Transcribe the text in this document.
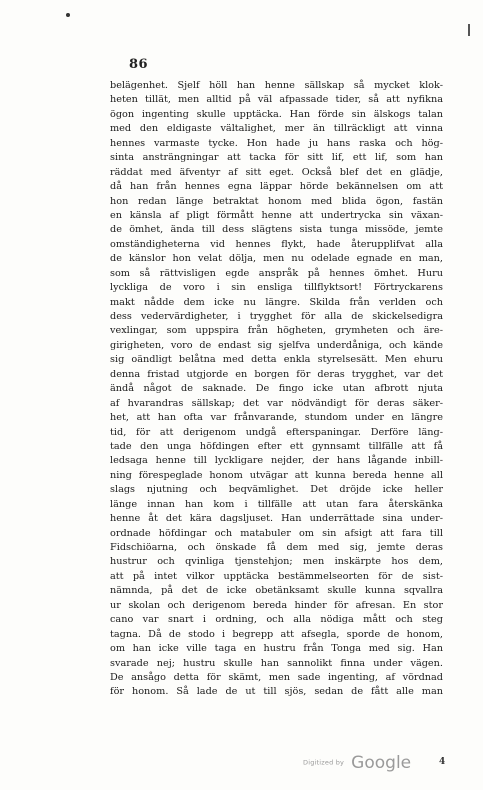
86
belägenhet. Sjelf höll han henne sällskap så mycket klok-
heten tillät, men alltid på väl afpassade tider, så att nyfikna
ögon ingenting skulle upptäcka. Han förde sin älskogs talan
med den eldigaste vältalighet, mer än tillräckligt att vinna
hennes varmaste tycke. Hon hade ju hans raska och hög-
sinta ansträngningar att tacka för sitt lif, ett lif, som han
räddat med äfventyr af sitt eget. Också blef det en glädje,
då han från hennes egna läppar hörde bekännelsen om att
hon redan länge betraktat honom med blida ögon, fastän
en känsla af pligt förmått henne att undertrycka sin växan-
de ömhet, ända till dess slägtens sista tunga missöde, jemte
omständigheterna vid hennes flykt, hade återupplifvat alla
de känslor hon velat dölja, men nu odelade egnade en man,
som så rättvisligen egde anspråk på hennes ömhet. Huru
lyckliga de voro i sin ensliga tillflyktsort! Förtryckarens
makt nådde dem icke nu längre. Skilda från verlden och
dess vedervärdigheter, i trygghet för alla de skickelsedigra
vexlingar, som uppspira från högheten, grymheten och äre-
girigheten, voro de endast sig sjelfva underdåniga, och kände
sig oändligt belåtna med detta enkla styrelsesätt. Men ehuru
denna fristad utgjorde en borgen för deras trygghet, var det
ändå något de saknade. De fingo icke utan afbrott njuta
af hvarandras sällskap; det var nödvändigt för deras säker-
het, att han ofta var frånvarande, stundom under en längre
tid, för att derigenom undgå efterspaningar. Derföre läng-
tade den unga höfdingen efter ett gynnsamt tillfälle att få
ledsaga henne till lyckligare nejder, der hans lågande inbill-
ning förespeglade honom utvägar att kunna bereda henne all
slags njutning och beqvämlighet. Det dröjde icke heller
länge innan han kom i tillfälle att utan fara återskänka
henne åt det kära dagsljuset. Han underrättade sina under-
ordnade höfdingar och matabuler om sin afsigt att fara till
Fidschiöarna, och önskade få dem med sig, jemte deras
hustrur och qvinliga tjenstehjon; men inskärpte hos dem,
att på intet vilkor upptäcka bestämmelseorten för de sist-
nämnda, på det de icke obetänksamt skulle kunna sqvallra
ur skolan och derigenom bereda hinder för afresan. En stor
cano var snart i ordning, och alla nödiga mått och steg
tagna. Då de stodo i begrepp att afsegla, sporde de honom,
om han icke ville taga en hustru från Tonga med sig. Han
svarade nej; hustru skulle han sannolikt finna under vägen.
De ansågo detta för skämt, men sade ingenting, af vördnad
för honom. Så lade de ut till sjös, sedan de fått alle man
Digitized by Google	4
